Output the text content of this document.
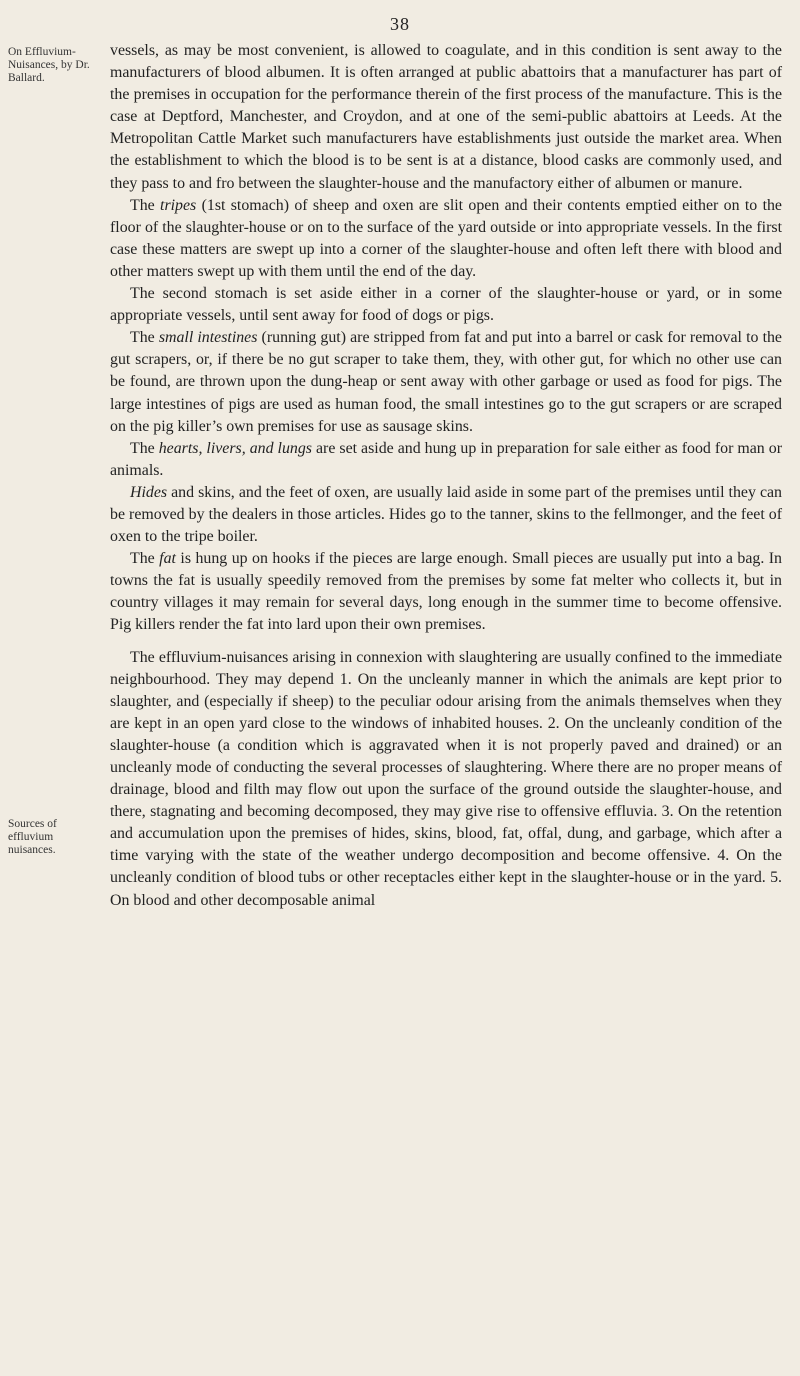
38
On Effluvium-Nuisances, by Dr. Ballard.
Sources of effluvium nuisances.

vessels, as may be most convenient, is allowed to coagulate, and in this condition is sent away to the manufacturers of blood albumen. It is often arranged at public abattoirs that a manufacturer has part of the premises in occupation for the performance therein of the first process of the manufacture. This is the case at Deptford, Manchester, and Croydon, and at one of the semi-public abattoirs at Leeds. At the Metropolitan Cattle Market such manufacturers have establishments just outside the market area. When the establishment to which the blood is to be sent is at a distance, blood casks are commonly used, and they pass to and fro between the slaughter-house and the manufactory either of albumen or manure.

The tripes (1st stomach) of sheep and oxen are slit open and their contents emptied either on to the floor of the slaughter-house or on to the surface of the yard outside or into appropriate vessels. In the first case these matters are swept up into a corner of the slaughter-house and often left there with blood and other matters swept up with them until the end of the day.

The second stomach is set aside either in a corner of the slaughter-house or yard, or in some appropriate vessels, until sent away for food of dogs or pigs.

The small intestines (running gut) are stripped from fat and put into a barrel or cask for removal to the gut scrapers, or, if there be no gut scraper to take them, they, with other gut, for which no other use can be found, are thrown upon the dung-heap or sent away with other garbage or used as food for pigs. The large intestines of pigs are used as human food, the small intestines go to the gut scrapers or are scraped on the pig killer’s own premises for use as sausage skins.

The hearts, livers, and lungs are set aside and hung up in preparation for sale either as food for man or animals.

Hides and skins, and the feet of oxen, are usually laid aside in some part of the premises until they can be removed by the dealers in those articles. Hides go to the tanner, skins to the fellmonger, and the feet of oxen to the tripe boiler.

The fat is hung up on hooks if the pieces are large enough. Small pieces are usually put into a bag. In towns the fat is usually speedily removed from the premises by some fat melter who collects it, but in country villages it may remain for several days, long enough in the summer time to become offensive. Pig killers render the fat into lard upon their own premises.

The effluvium-nuisances arising in connexion with slaughtering are usually confined to the immediate neighbourhood. They may depend 1. On the uncleanly manner in which the animals are kept prior to slaughter, and (especially if sheep) to the peculiar odour arising from the animals themselves when they are kept in an open yard close to the windows of inhabited houses. 2. On the uncleanly condition of the slaughter-house (a condition which is aggravated when it is not properly paved and drained) or an uncleanly mode of conducting the several processes of slaughtering. Where there are no proper means of drainage, blood and filth may flow out upon the surface of the ground outside the slaughter-house, and there, stagnating and becoming decomposed, they may give rise to offensive effluvia. 3. On the retention and accumulation upon the premises of hides, skins, blood, fat, offal, dung, and garbage, which after a time varying with the state of the weather undergo decomposition and become offensive. 4. On the uncleanly condition of blood tubs or other receptacles either kept in the slaughter-house or in the yard. 5. On blood and other decomposable animal
